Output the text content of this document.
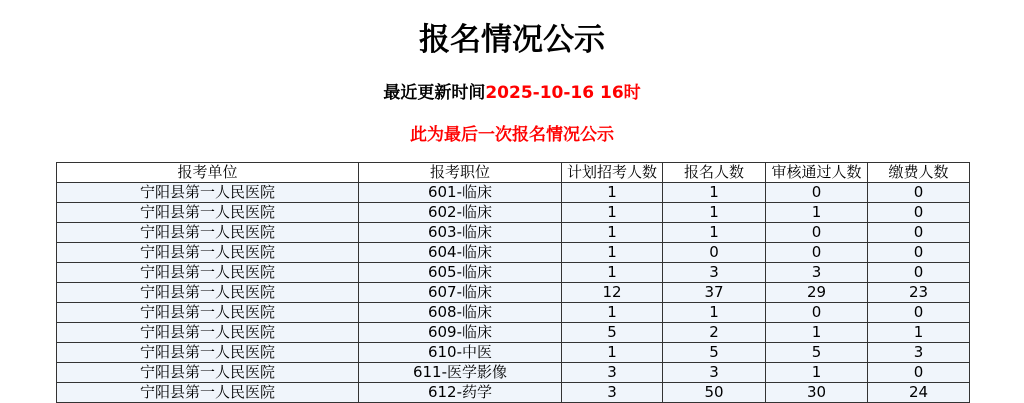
报名情况公示
最近更新时间2025-10-16 16时
此为最后一次报名情况公示
报考单位	报考职位	计划招考人数	报名人数	审核通过人数	缴费人数
宁阳县第一人民医院	601-临床	1	1	0	0
宁阳县第一人民医院	602-临床	1	1	1	0
宁阳县第一人民医院	603-临床	1	1	0	0
宁阳县第一人民医院	604-临床	1	0	0	0
宁阳县第一人民医院	605-临床	1	3	3	0
宁阳县第一人民医院	607-临床	12	37	29	23
宁阳县第一人民医院	608-临床	1	1	0	0
宁阳县第一人民医院	609-临床	5	2	1	1
宁阳县第一人民医院	610-中医	1	5	5	3
宁阳县第一人民医院	611-医学影像	3	3	1	0
宁阳县第一人民医院	612-药学	3	50	30	24
